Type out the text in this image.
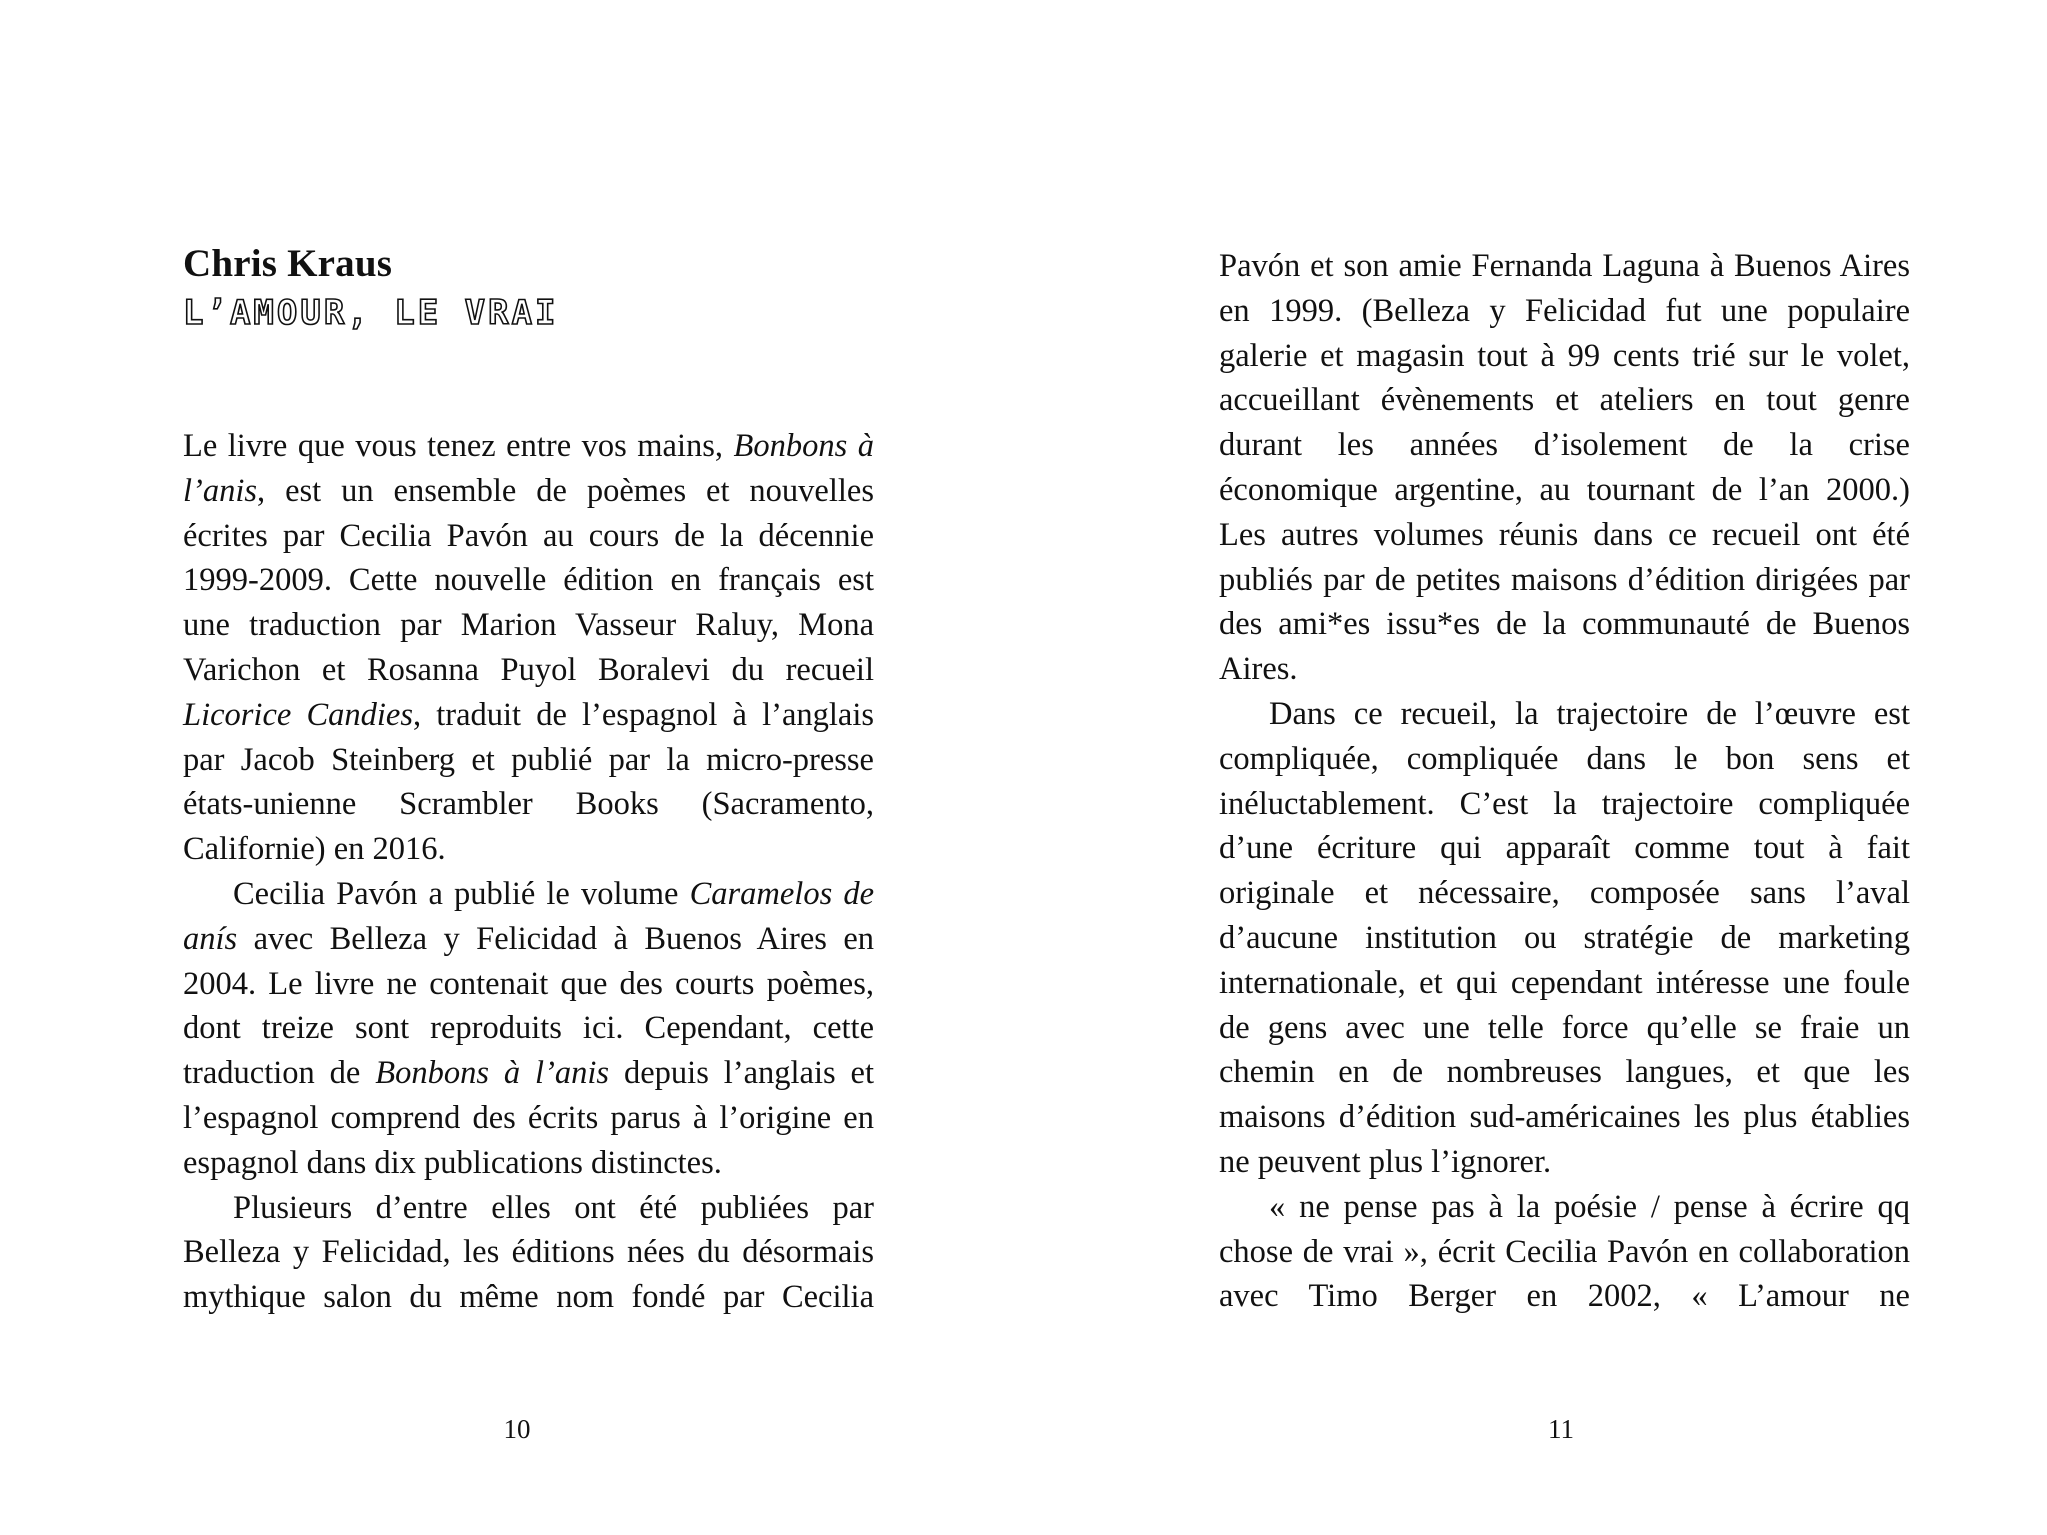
Chris Kraus
L’AMOUR, LE VRAI

Le livre que vous tenez entre vos mains, Bonbons à l’anis, est un ensemble de poèmes et nouvelles écrites par Cecilia Pavón au cours de la décennie 1999-2009. Cette nouvelle édition en français est une traduction par Marion Vasseur Raluy, Mona Varichon et Rosanna Puyol Boralevi du recueil Licorice Candies, traduit de l’espagnol à l’anglais par Jacob Steinberg et publié par la micro-presse états-unienne Scrambler Books (Sacramento, Californie) en 2016.

Cecilia Pavón a publié le volume Caramelos de anís avec Belleza y Felicidad à Buenos Aires en 2004. Le livre ne contenait que des courts poèmes, dont treize sont reproduits ici. Cependant, cette traduction de Bonbons à l’anis depuis l’anglais et l’espagnol comprend des écrits parus à l’origine en espagnol dans dix publications distinctes.

Plusieurs d’entre elles ont été publiées par Belleza y Felicidad, les éditions nées du désormais mythique salon du même nom fondé par Cecilia

10

Pavón et son amie Fernanda Laguna à Buenos Aires en 1999. (Belleza y Felicidad fut une populaire galerie et magasin tout à 99 cents trié sur le volet, accueillant évènements et ateliers en tout genre durant les années d’isolement de la crise économique argentine, au tournant de l’an 2000.) Les autres volumes réunis dans ce recueil ont été publiés par de petites maisons d’édition dirigées par des ami*es issu*es de la communauté de Buenos Aires.

Dans ce recueil, la trajectoire de l’œuvre est compliquée, compliquée dans le bon sens et inéluctablement. C’est la trajectoire compliquée d’une écriture qui apparaît comme tout à fait originale et nécessaire, composée sans l’aval d’aucune institution ou stratégie de marketing internationale, et qui cependant intéresse une foule de gens avec une telle force qu’elle se fraie un chemin en de nombreuses langues, et que les maisons d’édition sud-américaines les plus établies ne peuvent plus l’ignorer.

« ne pense pas à la poésie / pense à écrire qq chose de vrai », écrit Cecilia Pavón en collaboration avec Timo Berger en 2002, « L’amour ne

11
